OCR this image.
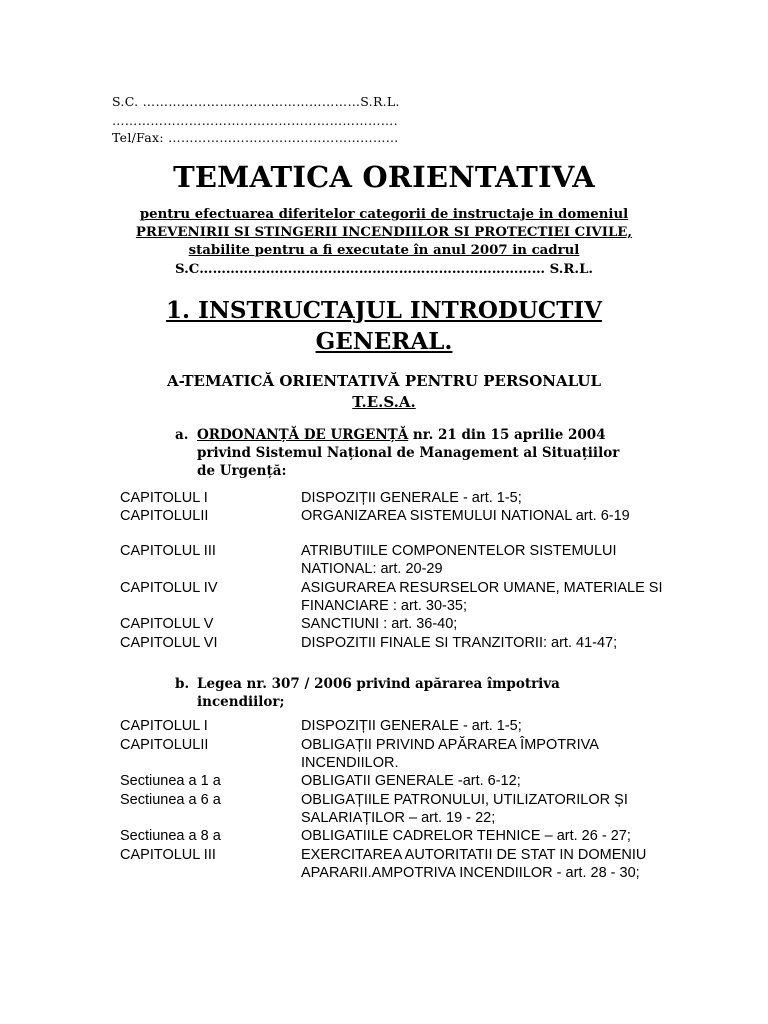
S.C. ……………………………………………S.R.L.
………………………………………………………….
Tel/Fax: ………………………………………………
TEMATICA ORIENTATIVA
pentru efectuarea diferitelor categorii de instructaje in domeniul
PREVENIRII SI STINGERII INCENDIILOR SI PROTECTIEI CIVILE,
stabilite pentru a fi executate în anul 2007 in cadrul
S.C…………………………………………………………………… S.R.L.
1. INSTRUCTAJUL INTRODUCTIV
GENERAL.
A-TEMATICĂ ORIENTATIVĂ PENTRU PERSONALUL
T.E.S.A.
a. ORDONANȚĂ DE URGENȚĂ nr. 21 din 15 aprilie 2004
privind Sistemul Național de Management al Situațiilor
de Urgență:
CAPITOLUL I	DISPOZIȚII GENERALE - art. 1-5;
CAPITOLULII	ORGANIZAREA SISTEMULUI NATIONAL art. 6-19
CAPITOLUL III	ATRIBUTIILE COMPONENTELOR SISTEMULUI
NATIONAL: art. 20-29
CAPITOLUL IV	ASIGURAREA RESURSELOR UMANE, MATERIALE SI
FINANCIARE : art. 30-35;
CAPITOLUL V	SANCTIUNI : art. 36-40;
CAPITOLUL VI	DISPOZITII FINALE SI TRANZITORII: art. 41-47;
b. Legea nr. 307 / 2006 privind apărarea împotriva
incendiilor;
CAPITOLUL I	DISPOZIȚII GENERALE - art. 1-5;
CAPITOLULII	OBLIGAȚII PRIVIND APĂRAREA ÎMPOTRIVA
INCENDIILOR.
Sectiunea a 1 a	OBLIGATII GENERALE -art. 6-12;
Sectiunea a 6 a	OBLIGAȚIILE PATRONULUI, UTILIZATORILOR ȘI
SALARIAȚILOR – art. 19 - 22;
Sectiunea a 8 a	OBLIGATIILE CADRELOR TEHNICE – art. 26 - 27;
CAPITOLUL III	EXERCITAREA AUTORITATII DE STAT IN DOMENIU
APARARII.AMPOTRIVA INCENDIILOR - art. 28 - 30;
